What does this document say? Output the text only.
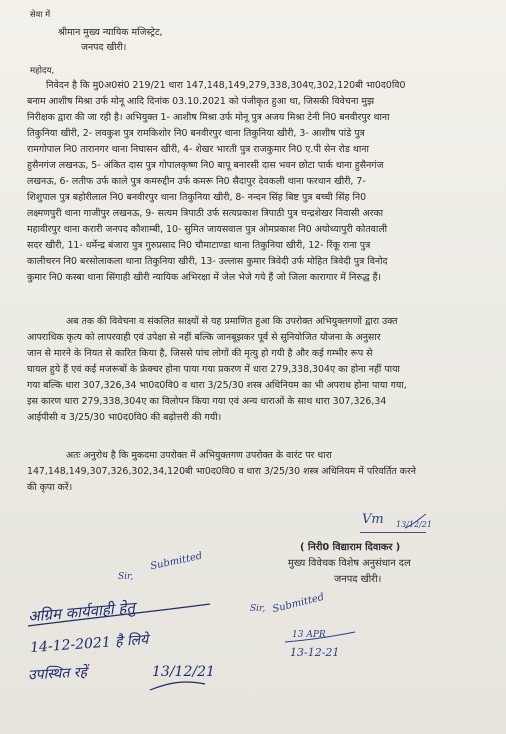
सेवा में
श्रीमान मुख्य न्यायिक मजिस्ट्रेट,
जनपद खीरी।
महोदय,
निवेदन है कि मु0अ0सं0 219/21 धारा 147,148,149,279,338,304ए,302,120बी भा0द0वि0
बनाम आशीष मिश्रा उर्फ मोनू आदि दिनांक 03.10.2021 को पंजीकृत हुआ था, जिसकी विवेचना मुझ
निरीक्षक द्वारा की जा रही है। अभियुक्त 1- आशीष मिश्रा उर्फ मोनू पुत्र अजय मिश्रा टेनी नि0 बनवीरपुर थाना
तिकुनिया खीरी, 2- लवकुश पुत्र रामकिशोर नि0 बनवीरपुर थाना तिकुनिया खीरी, 3- आशीष पांडे पुत्र
रामगोपाल नि0 तारानगर थाना निघासन खीरी, 4- शेखर भारती पुत्र राजकुमार नि0 ए.पी सेन रोड थाना
हुसैनगंज लखनऊ, 5- अंकित दास पुत्र गोपालकृष्ण नि0 बापू बनारसी दास भवन छोटा पार्क थाना हुसैनगंज
लखनऊ, 6- लतीफ उर्फ काले पुत्र कमरुद्दीन उर्फ कमरू नि0 सैदापुर देवकली थाना फरधान खीरी, 7-
शिशुपाल पुत्र बहोरीलाल नि0 बनवीरपुर थाना तिकुनिया खीरी, 8- नन्दन सिंह बिष्ट पुत्र बच्ची सिंह नि0
लक्ष्मणपुरी थाना गाजीपुर लखनऊ, 9- सत्यम त्रिपाठी उर्फ सत्यप्रकाश त्रिपाठी पुत्र चन्द्रशेखर निवासी अरका
महावीरपुर थाना करारी जनपद कौशाम्बी, 10- सुमित जायसवाल पुत्र ओमप्रकाश नि0 अयोध्यापुरी कोतवाली
सदर खीरी, 11- धर्मेन्द्र बंजारा पुत्र गुरुप्रसाद नि0 चौमाटाण्डा थाना तिकुनिया खीरी, 12- रिंकू राना पुत्र
कालीचरन नि0 बरसोलाकला थाना तिकुनिया खीरी, 13- उल्लास कुमार त्रिवेदी उर्फ मोहित त्रिवेदी पुत्र विनोद
कुमार नि0 कस्बा थाना सिंगाही खीरी न्यायिक अभिरक्षा में जेल भेजे गये हैं जो जिला कारागार में निरुद्ध हैं।
अब तक की विवेचना व संकलित साक्ष्यों से यह प्रमाणित हुआ कि उपरोक्त अभियुक्तगणों द्वारा उक्त
आपराधिक कृत्य को लापरवाही एवं उपेक्षा से नहीं बल्कि जानबूझकर पूर्व से सुनियोजित योजना के अनुसार
जान से मारने के नियत से कारित किया है, जिससे पांच लोगों की मृत्यु हो गयी है और कई गम्भीर रूप से
घायल हुये हैं एवं कई मजरूबों के फ्रेक्चर होना पाया गया प्रकरण में धारा 279,338,304ए का होना नहीं पाया
गया बल्कि धारा 307,326,34 भा0द0वि0 व धारा 3/25/30 शस्त्र अधिनियम का भी अपराध होना पाया गया,
इस कारण धारा 279,338,304ए का विलोपन किया गया एवं अन्य धाराओं के साथ धारा 307,326,34
आईपीसी व 3/25/30 भा0द0वि0 की बढ़ोत्तरी की गयी।
अतः अनुरोध है कि मुकदमा उपरोक्त में अभियुक्तगण उपरोक्त के वारंट पर धारा
147,148,149,307,326,302,34,120बी भा0द0वि0 व धारा 3/25/30 शस्त्र अधिनियम में परिवर्तित करने
की कृपा करें।
Vm 13/12/21
( निरी0 विद्याराम दिवाकर )
मुख्य विवेचक विशेष अनुसंधान दल
जनपद खीरी।
Sir,
Submitted
अग्रिम कार्यवाही हेतु
14-12-2021 है लिये
उपस्थित रहें	13/12/21
Sir, Submitted
13 APR
13-12-21
